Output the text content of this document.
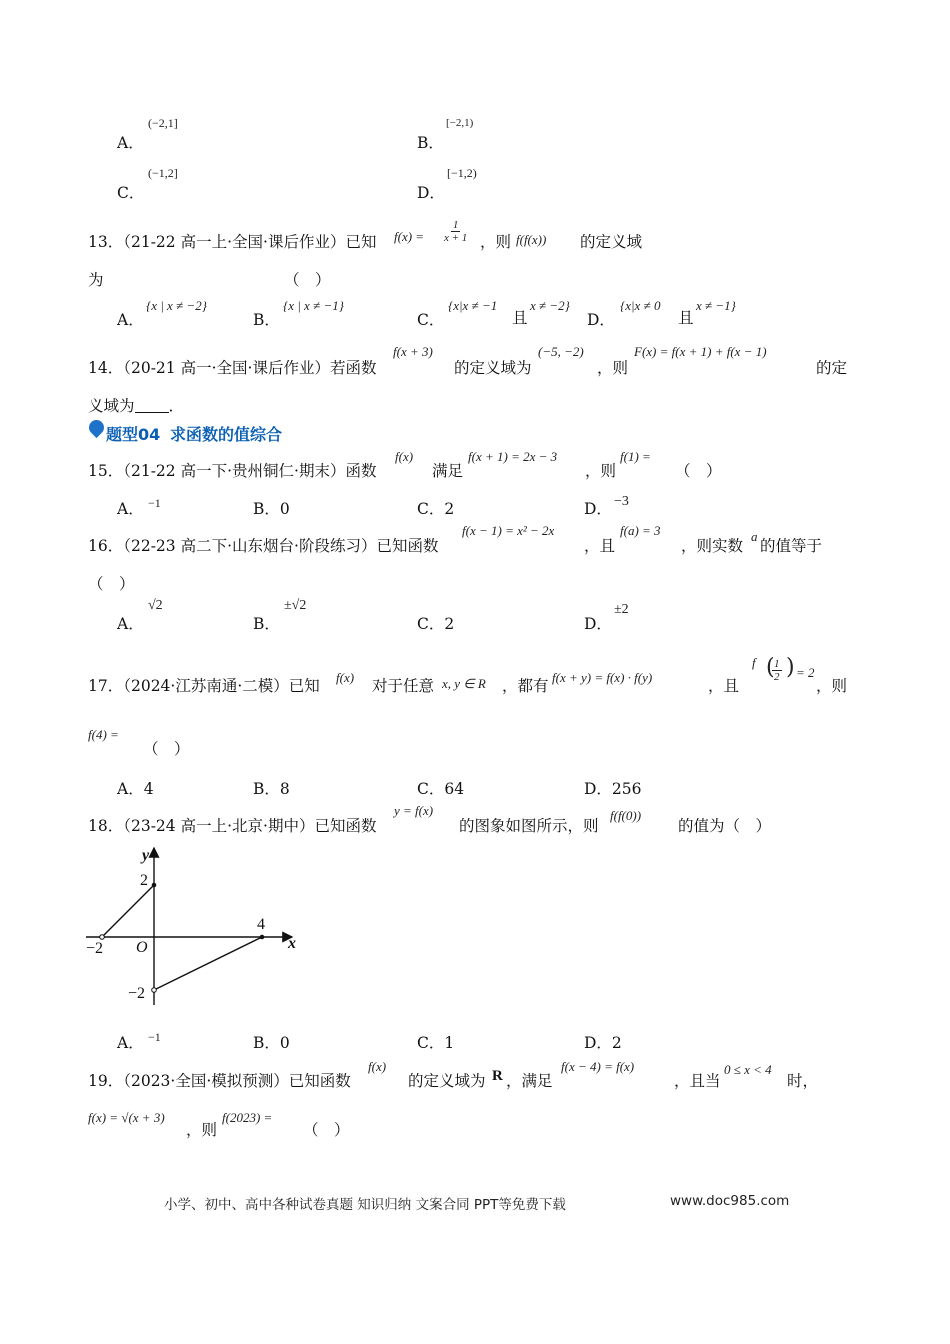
A．
(−2,1]
B．
[−2,1)
C．
(−1,2]
D．
[−1,2)
13．（21-22 高一上·全国·课后作业）已知 $f(x) = \frac{1}{x + 1}$ ，则 f(f(x)) 的定义域
为	（　）
A．
{x | x ≠ −2}
B．
{x | x ≠ −1}
C．
{x|x ≠ −1
且
x ≠ −2}
D．
{x|x ≠ 0
且
x ≠ −1}
14．（20-21 高一·全国·课后作业）若函数
f(x + 3)
的定义域为
(−5, −2)
，则
F(x) = f(x + 1) + f(x − 1)
的定
义域为 ．
题型04 求函数的值综合
15．（21-22 高一下·贵州铜仁·期末）函数
f(x)
满足
f(x + 1) = 2x − 3
，则
f(1) =
（　）
A． −1	B．0	C．2	D． −3
16．（22-23 高二下·山东烟台·阶段练习）已知函数
f(x − 1) = x² − 2x
，且
f(a) = 3
，则实数
a
的值等于
（　）
A．
√2
B．
±√2
C．2	D．
±2
17．（2024·江苏南通·二模）已知 f(x) 对于任意 x, y ∈ R ，都有 f(x + y) = f(x) · f(y)	，且
f (
$\frac{1}{2}$ ) = 2
，则
f(4) =
（　）
A．4	B．8	C．64	D．256
18．（23-24 高一上·北京·期中）已知函数
y = f(x)
的图象如图所示，则
f(f(0))
的值为（　）
y
x
O
2
−2
−2
4
A． −1	B．0	C．1	D．2
19．（2023·全国·模拟预测）已知函数
f(x)
的定义域为 R ，满足
f(x − 4) = f(x)
，且当
0 ≤ x < 4
时，
f(x) = √(x + 3)
，则
f(2023) =
（　）
小学、初中、高中各种试卷真题 知识归纳 文案合同 PPT等免费下载	www.doc985.com
